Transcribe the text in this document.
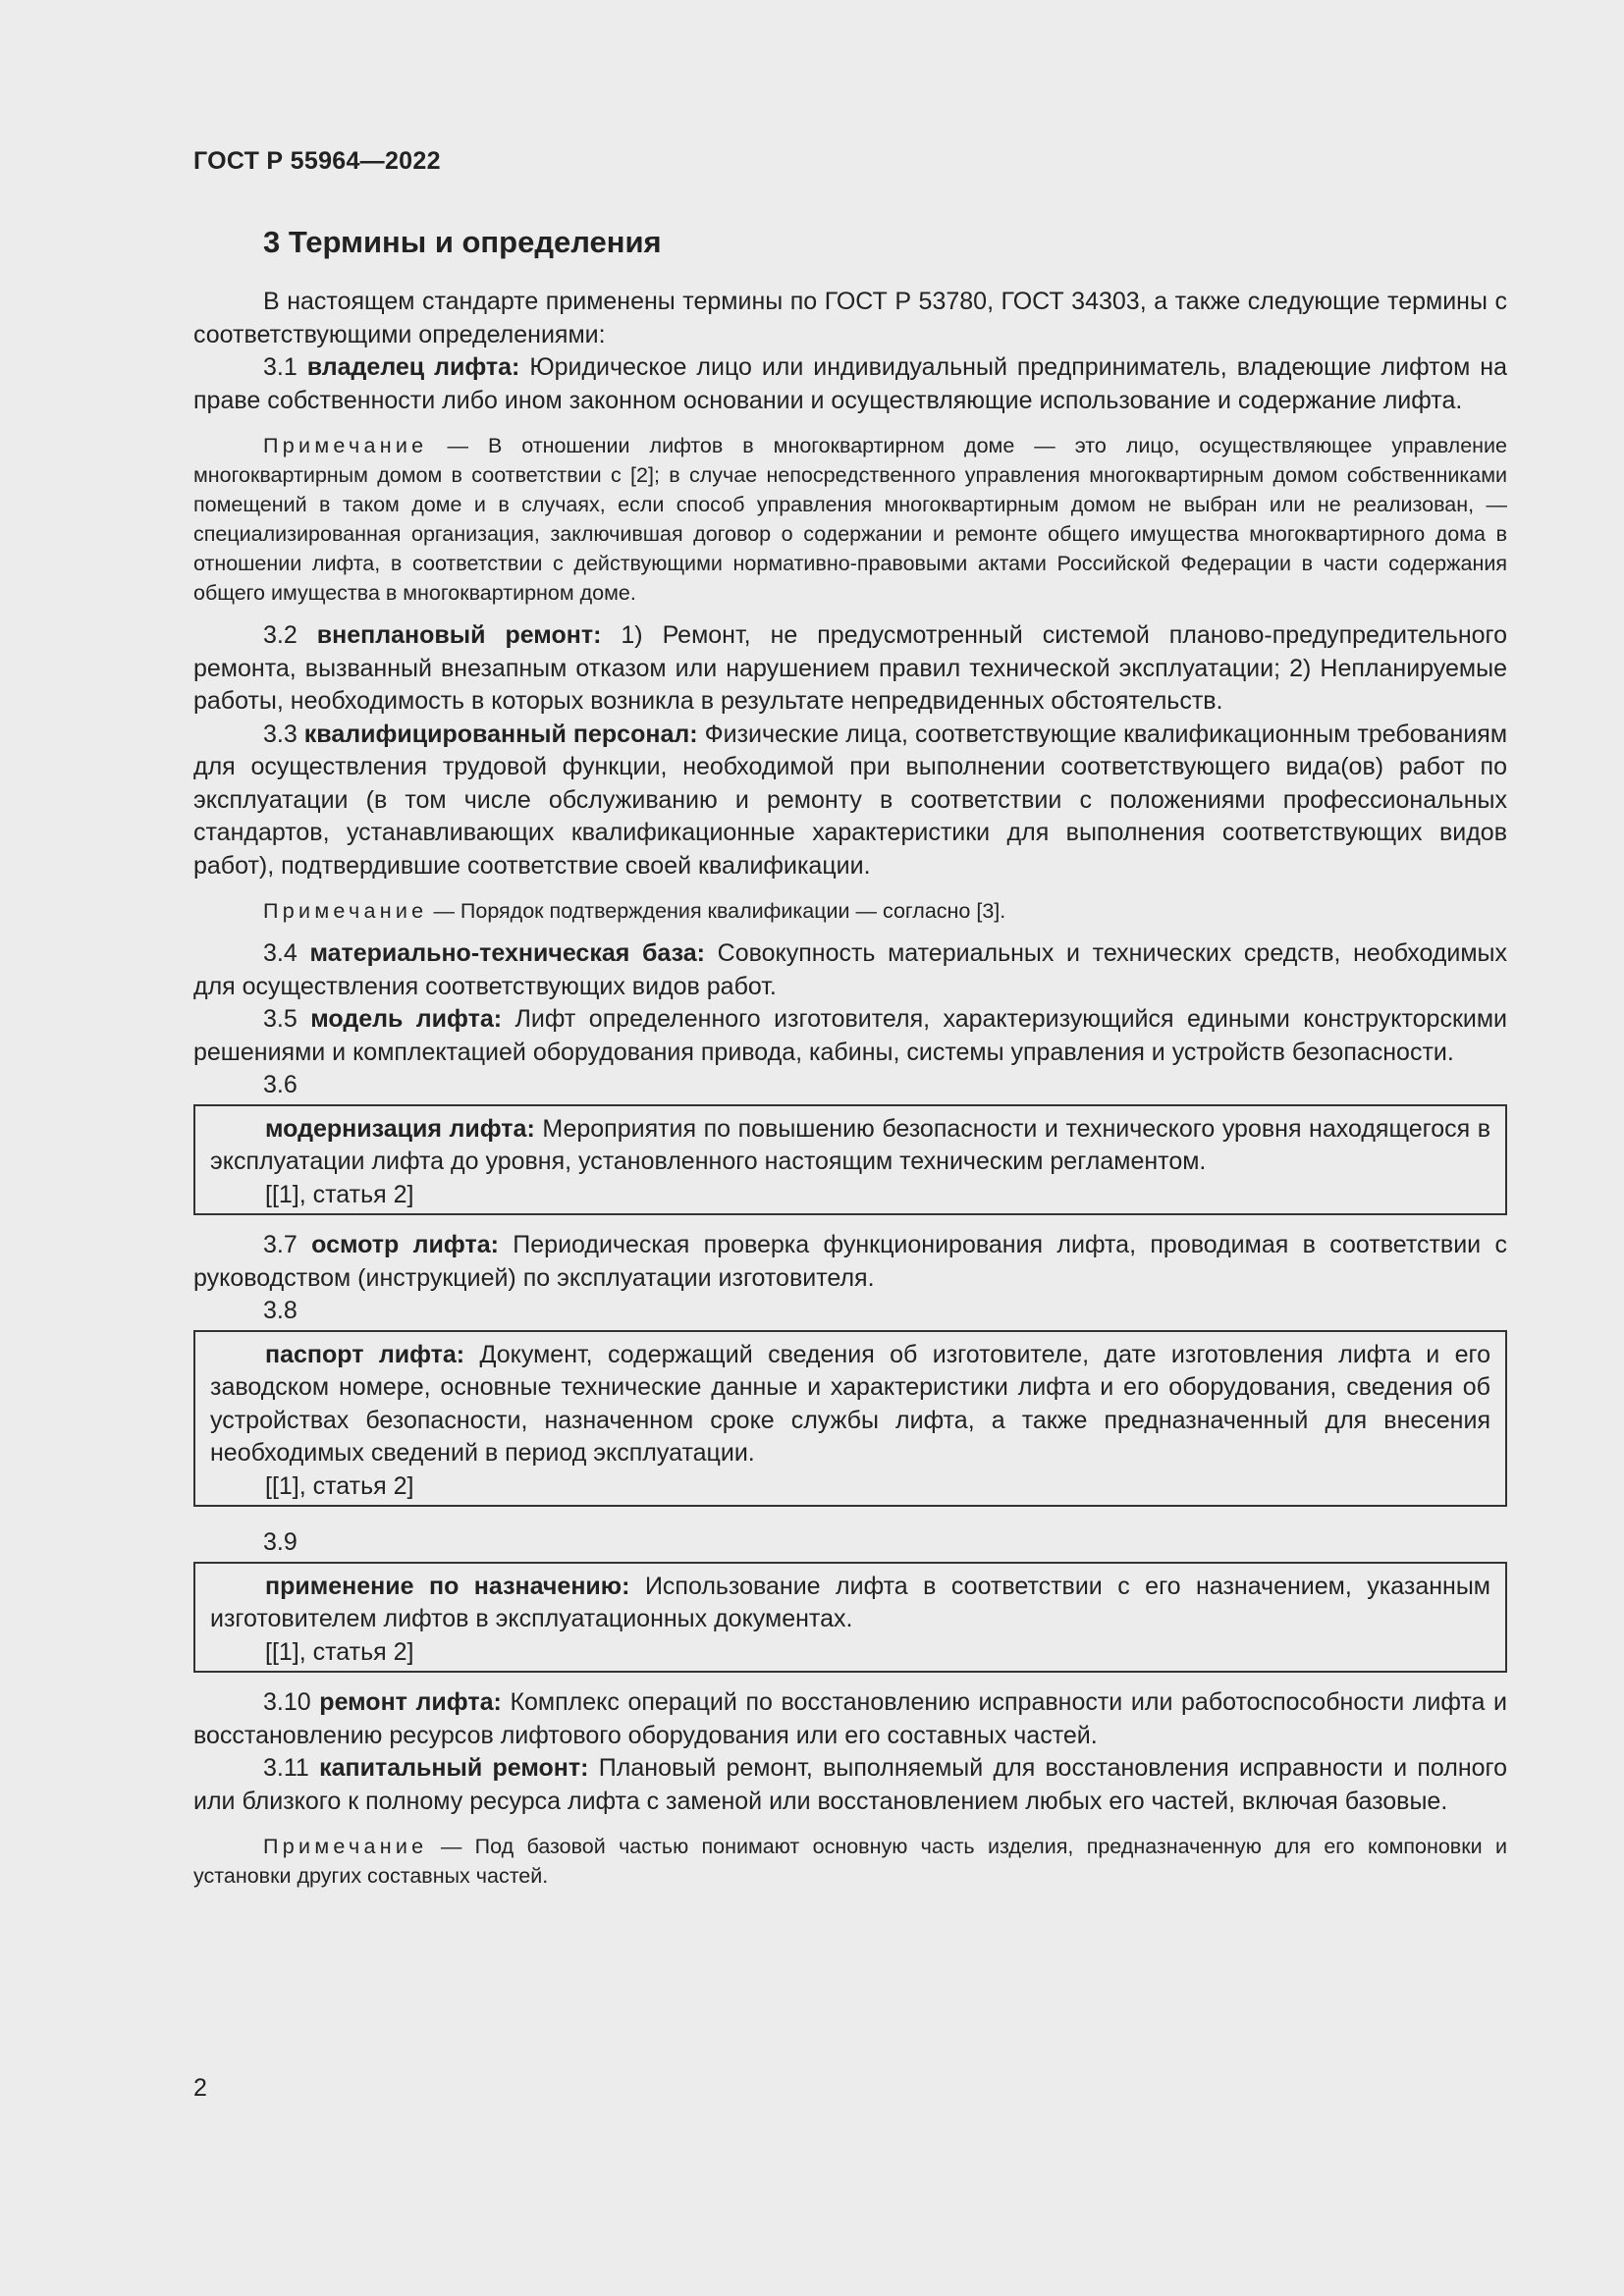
ГОСТ Р 55964—2022
3 Термины и определения

В настоящем стандарте применены термины по ГОСТ Р 53780, ГОСТ 34303, а также следующие термины с соответствующими определениями:

3.1 владелец лифта: Юридическое лицо или индивидуальный предприниматель, владеющие лифтом на праве собственности либо ином законном основании и осуществляющие использование и содержание лифта.

Примечание — В отношении лифтов в многоквартирном доме — это лицо, осуществляющее управление многоквартирным домом в соответствии с [2]; в случае непосредственного управления многоквартирным домом собственниками помещений в таком доме и в случаях, если способ управления многоквартирным домом не выбран или не реализован, — специализированная организация, заключившая договор о содержании и ремонте общего имущества многоквартирного дома в отношении лифта, в соответствии с действующими нормативно-правовыми актами Российской Федерации в части содержания общего имущества в многоквартирном доме.

3.2 внеплановый ремонт: 1) Ремонт, не предусмотренный системой планово-предупредительного ремонта, вызванный внезапным отказом или нарушением правил технической эксплуатации; 2) Непланируемые работы, необходимость в которых возникла в результате непредвиденных обстоятельств.

3.3 квалифицированный персонал: Физические лица, соответствующие квалификационным требованиям для осуществления трудовой функции, необходимой при выполнении соответствующего вида(ов) работ по эксплуатации (в том числе обслуживанию и ремонту в соответствии с положениями профессиональных стандартов, устанавливающих квалификационные характеристики для выполнения соответствующих видов работ), подтвердившие соответствие своей квалификации.

Примечание — Порядок подтверждения квалификации — согласно [3].

3.4 материально-техническая база: Совокупность материальных и технических средств, необходимых для осуществления соответствующих видов работ.

3.5 модель лифта: Лифт определенного изготовителя, характеризующийся едиными конструкторскими решениями и комплектацией оборудования привода, кабины, системы управления и устройств безопасности.

3.6

модернизация лифта: Мероприятия по повышению безопасности и технического уровня находящегося в эксплуатации лифта до уровня, установленного настоящим техническим регламентом.

[[1], статья 2]

3.7 осмотр лифта: Периодическая проверка функционирования лифта, проводимая в соответствии с руководством (инструкцией) по эксплуатации изготовителя.

3.8

паспорт лифта: Документ, содержащий сведения об изготовителе, дате изготовления лифта и его заводском номере, основные технические данные и характеристики лифта и его оборудования, сведения об устройствах безопасности, назначенном сроке службы лифта, а также предназначенный для внесения необходимых сведений в период эксплуатации.

[[1], статья 2]
3.9

применение по назначению: Использование лифта в соответствии с его назначением, указанным изготовителем лифтов в эксплуатационных документах.

[[1], статья 2]

3.10 ремонт лифта: Комплекс операций по восстановлению исправности или работоспособности лифта и восстановлению ресурсов лифтового оборудования или его составных частей.

3.11 капитальный ремонт: Плановый ремонт, выполняемый для восстановления исправности и полного или близкого к полному ресурса лифта с заменой или восстановлением любых его частей, включая базовые.

Примечание — Под базовой частью понимают основную часть изделия, предназначенную для его компоновки и установки других составных частей.

2
